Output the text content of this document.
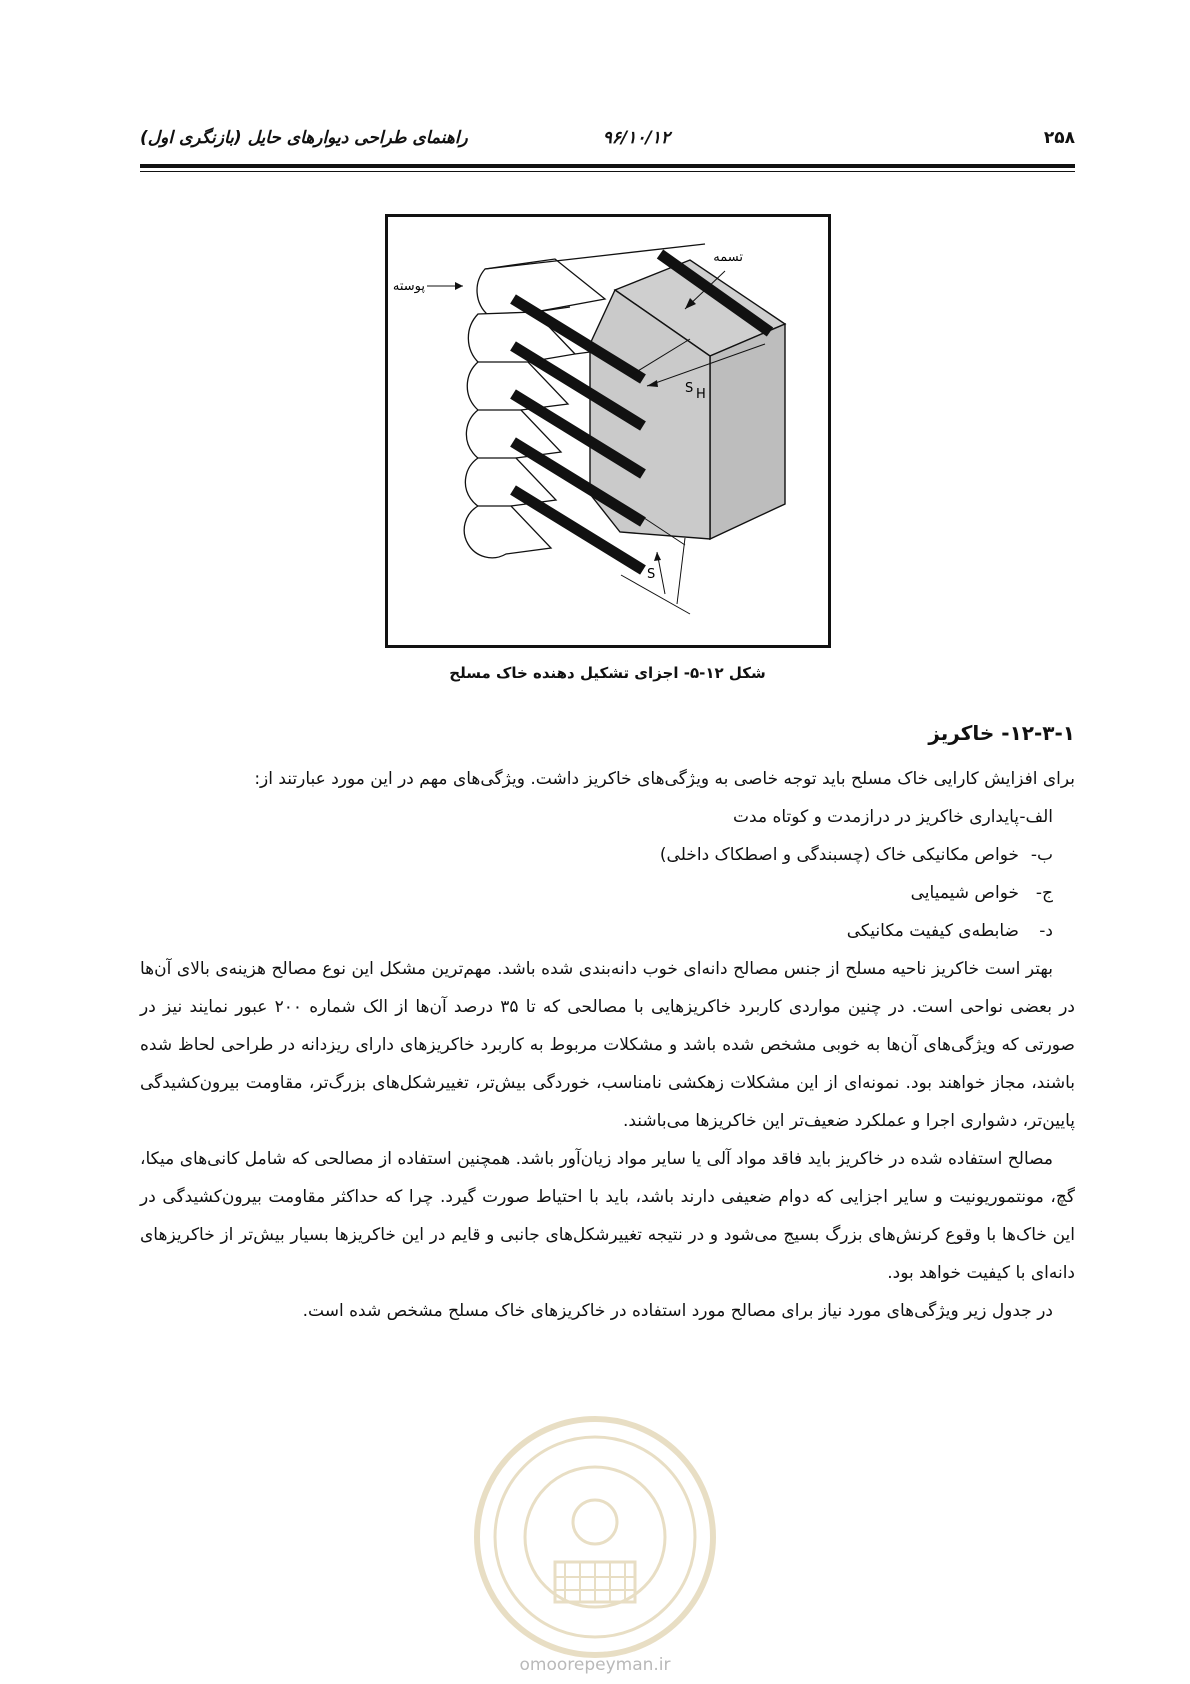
۲۵۸
۹۶/۱۰/۱۲
راهنمای طراحی دیوارهای حایل (بازنگری اول)
تسمه
پوسته
S H
S
شکل ۱۲-۵- اجزای تشکیل دهنده خاک مسلح
۱۲-۳-۱- خاکریز

برای افزایش کارایی خاک مسلح باید توجه خاصی به ویژگی‌های خاکریز داشت. ویژگی‌های مهم در این مورد عبارتند از:

الف-پایداری خاکریز در درازمدت و کوتاه مدت

ب-خواص مکانیکی خاک (چسبندگی و اصطکاک داخلی)

ج-خواص شیمیایی

د-ضابطه‌ی کیفیت مکانیکی

بهتر است خاکریز ناحیه مسلح از جنس مصالح دانه‌ای خوب دانه‌بندی شده باشد. مهم‌ترین مشکل این نوع مصالح هزینه‌ی بالای آن‌ها در بعضی نواحی است. در چنین مواردی کاربرد خاکریزهایی با مصالحی که تا ۳۵ درصد آن‌ها از الک شماره ۲۰۰ عبور نمایند نیز در صورتی که ویژگی‌های آن‌ها به خوبی مشخص شده باشد و مشکلات مربوط به کاربرد خاکریزهای دارای ریزدانه در طراحی لحاظ شده باشند، مجاز خواهند بود. نمونه‌ای از این مشکلات زهکشی نامناسب، خوردگی بیش‌تر، تغییرشکل‌های بزرگ‌تر، مقاومت بیرون‌کشیدگی پایین‌تر، دشواری اجرا و عملکرد ضعیف‌تر این خاکریزها می‌باشند.

مصالح استفاده شده در خاکریز باید فاقد مواد آلی یا سایر مواد زیان‌آور باشد. همچنین استفاده از مصالحی که شامل کانی‌های میکا، گچ، مونتموریونیت و سایر اجزایی که دوام ضعیفی دارند باشد، باید با احتیاط صورت گیرد. چرا که حداکثر مقاومت بیرون‌کشیدگی در این خاک‌ها با وقوع کرنش‌های بزرگ بسیج می‌شود و در نتیجه تغییرشکل‌های جانبی و قایم در این خاکریزها بسیار بیش‌تر از خاکریزهای دانه‌ای با کیفیت خواهد بود.

در جدول زیر ویژگی‌های مورد نیاز برای مصالح مورد استفاده در خاکریزهای خاک مسلح مشخص شده است.

omoorepeyman.ir
